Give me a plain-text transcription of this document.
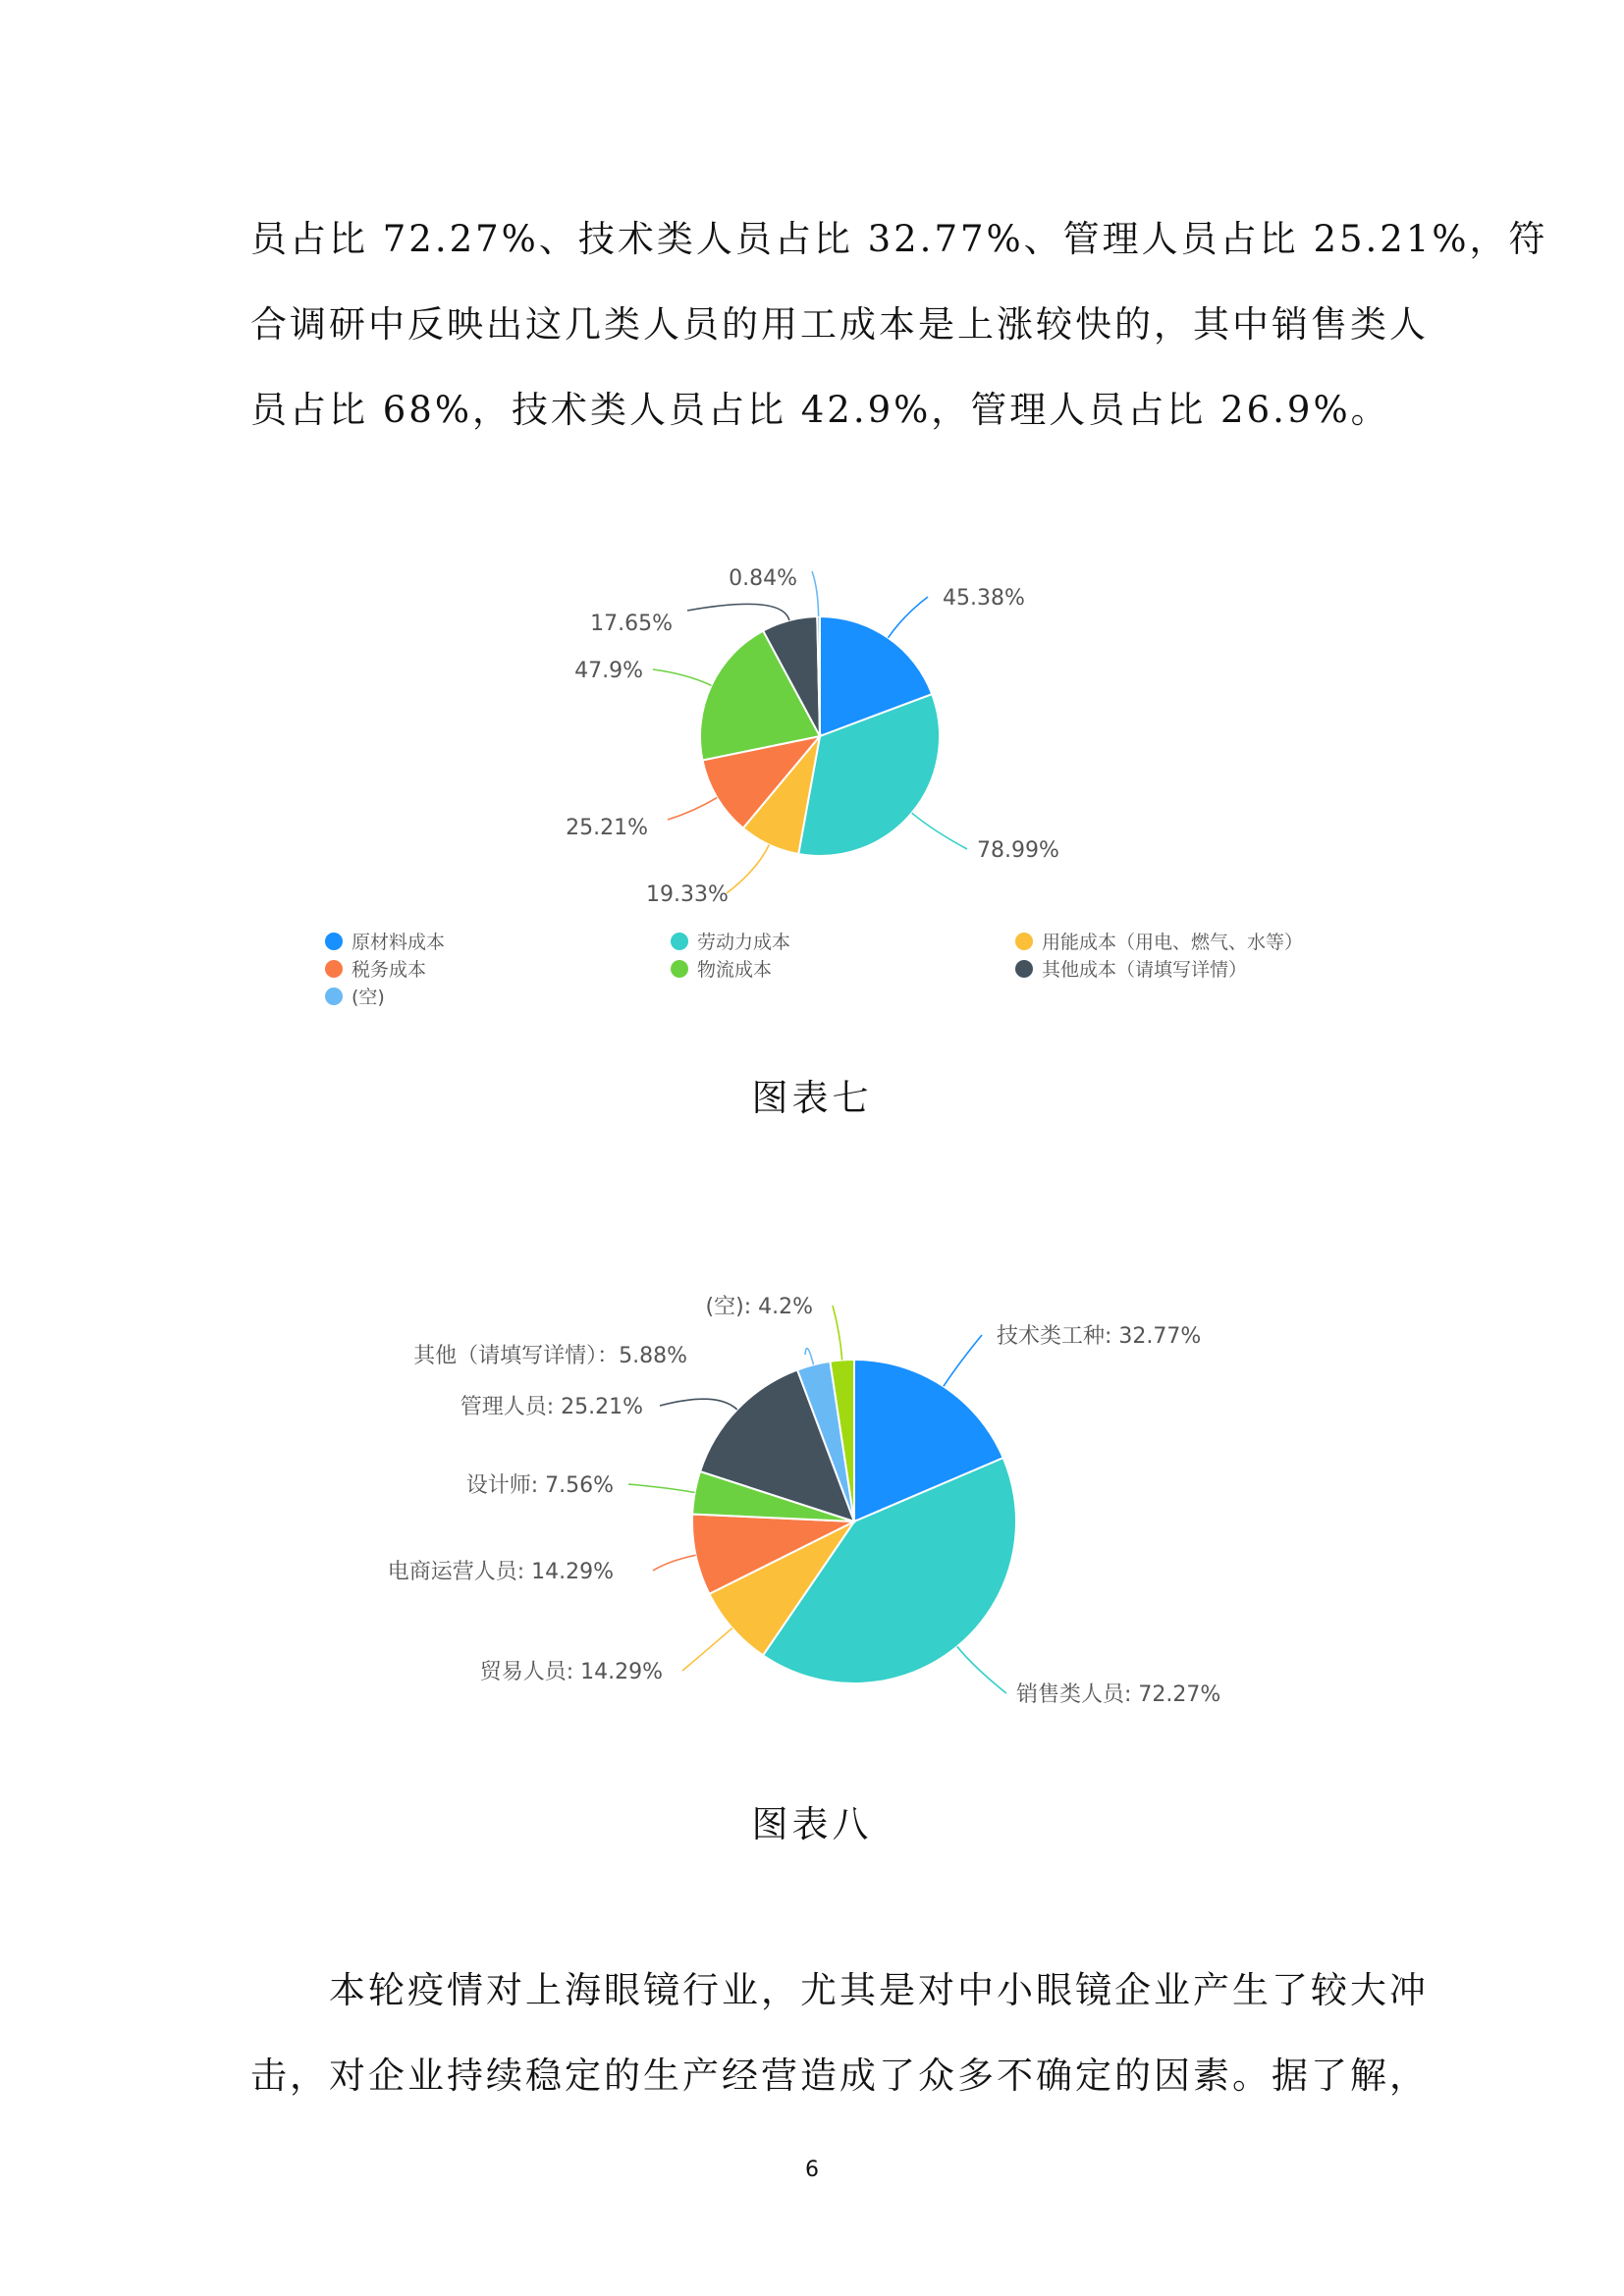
员占比 72.27%、技术类人员占比 32.77%、管理人员占比 25.21%，符
合调研中反映出这几类人员的用工成本是上涨较快的，其中销售类人
员占比 68%，技术类人员占比 42.9%，管理人员占比 26.9%。
45.38%
78.99%
19.33%
25.21%
47.9%
17.65%
0.84%
原材料成本	劳动力成本	用能成本（用电、燃气、水等）
税务成本	物流成本	其他成本（请填写详情）
(空)
图表七
技术类工种: 32.77%
销售类人员: 72.27%
贸易人员: 14.29%
电商运营人员: 14.29%
设计师: 7.56%
管理人员: 25.21%
其他（请填写详情）：5.88%
(空): 4.2%
图表八
　　本轮疫情对上海眼镜行业，尤其是对中小眼镜企业产生了较大冲
击，对企业持续稳定的生产经营造成了众多不确定的因素。据了解，
6
